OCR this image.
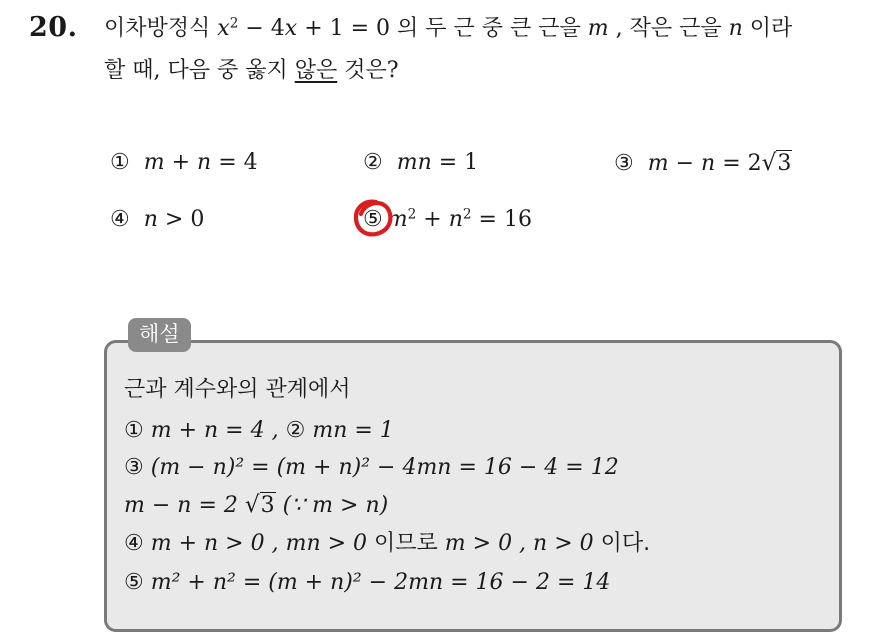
20. 이차방정식 $x^2 - 4x + 1 = 0$ 의 두 근 중 큰 근을 m , 작은 근을 n 이라
할 때, 다음 중 옳지 않은 것은?
① m + n = 4	② mn = 1	③ m − n = 2√3
④ n > 0	⑤ $m^2 + n^2 = 16$
해설
근과 계수와의 관계에서
① m + n = 4 , ② mn = 1
③ (m − n)² = (m + n)² − 4mn = 16 − 4 = 12
m − n = 2 √3 (∵ m > n)
④ m + n > 0 , mn > 0 이므로 m > 0 , n > 0 이다.
⑤ m² + n² = (m + n)² − 2mn = 16 − 2 = 14
